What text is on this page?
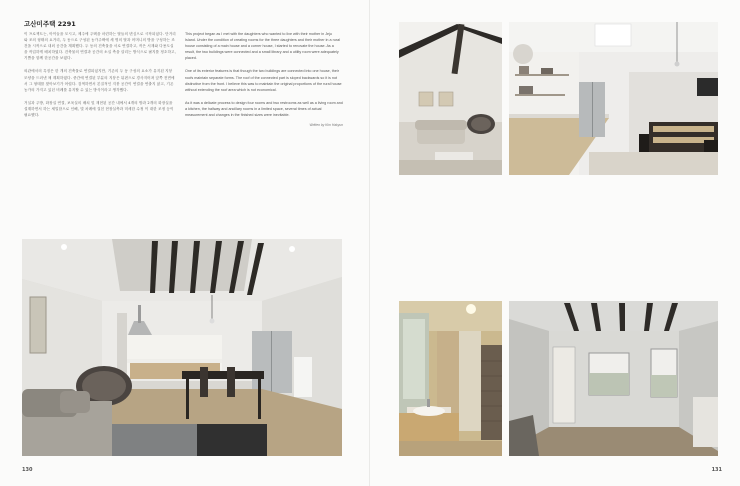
고산미주택 2291

이 프로젝트는, 아이들을 모시고, 제주에 주택을 마련하는 딸들의 변심으로 시작되었다. 단거리와 조의 형태의 요거리, 두 동으로 구성된 농가주택에 세 명의 딸과 어머니의 방을 구성하는 조건을 시작으로 내외 공간을 계획했다. 두 동의 건축물을 서로 연결하고, 작은 서재와 다용도실을 작업하게 배치하였다. 건축물의 연결과 공간의 소실 측을 살리는 방식으로 필지를 정초하고, 기쁨을 함께 한공간을 보였다.

외관에서의 특징은 한 개의 건축물로 연결되었지만, 기존의 두 동 구성의 요소가 유지된 지붕 모양을 드러낸 채 계획하였다. 중간에 연결된 부분의 지붕은 뒤편으로 경사지어져 앞쪽 전면에서 그 형태를 찾아보기가 어렵다. 검색하면서 본질적인 지붕 공간이 연결을 연출지 않고, 기존 농가의 가지고 있던 비례를 유지할 수 있는 방식이라고 생각했다.

거실과 주방, 화장실 연결, 보육실의 배치 및 재현된 공간 내에서 4개의 방과 2개의 화장실을 설계하면서 하는 세밀함으로 인해, 몇 차례에 걸친 현장실측과 미세한 수정 이 대한 조정 등이 필요했다.

This project began as I met with the daughters who wanted to live with their mother in Jeju Island. Under the condition of creating rooms for the three daughters and their mother in a rural house consisting of a main house and a corner house, I started to renovate the house. As a result, the two buildings were connected and a small library and a utility room were adequately placed.

One of its exterior features is that though the two buildings are connected into one house, their roofs maintain separate forms. The roof of the connected part is sloped backwards so it is not distinctive from the front. I believe this was to maintain the original proportions of the rural house without extending the roof area which is not economical.

As it was a delicate process to design four rooms and two restrooms as well as a living room and a kitchen, the hallway and ancillary rooms in a limited space, several times of actual measurement and changes in the finished sizes were inevitable.

Written by Kim Hakyun
130	131
